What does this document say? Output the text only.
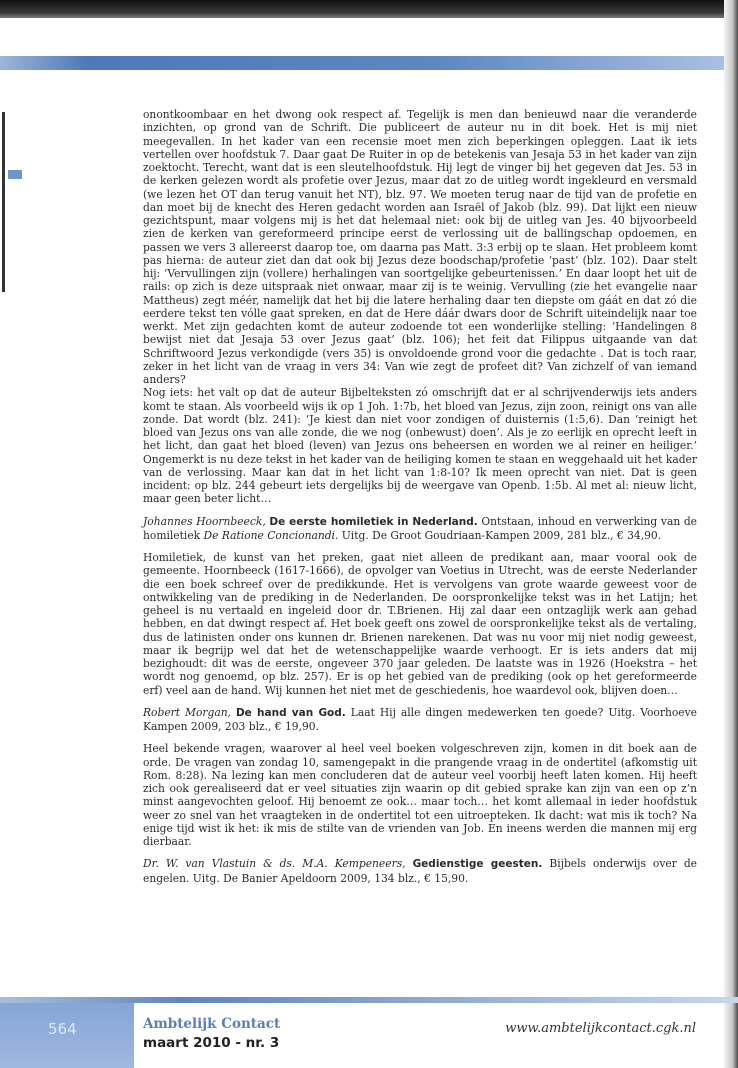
onontkoombaar en het dwong ook respect af. Tegelijk is men dan benieuwd naar die veranderde inzichten, op grond van de Schrift. Die publiceert de auteur nu in dit boek. Het is mij niet meegevallen. In het kader van een recensie moet men zich beperkingen opleggen. Laat ik iets vertellen over hoofdstuk 7. Daar gaat De Ruiter in op de betekenis van Jesaja 53 in het kader van zijn zoektocht. Terecht, want dat is een sleutelhoofdstuk. Hij legt de vinger bij het gegeven dat Jes. 53 in de kerken gelezen wordt als profetie over Jezus, maar dat zo de uitleg wordt ingekleurd en versmald (we lezen het OT dan terug vanuit het NT), blz. 97. We moeten terug naar de tijd van de profetie en dan moet bij de knecht des Heren gedacht worden aan Israël of Jakob (blz. 99). Dat lijkt een nieuw gezichtspunt, maar volgens mij is het dat helemaal niet: ook bij de uitleg van Jes. 40 bijvoorbeeld zien de kerken van gereformeerd principe eerst de verlossing uit de ballingschap opdoemen, en passen we vers 3 allereerst daarop toe, om daarna pas Matt. 3:3 erbij op te slaan. Het probleem komt pas hierna: de auteur ziet dan dat ook bij Jezus deze boodschap/profetie ‘past’ (blz. 102). Daar stelt hij: ‘Vervullingen zijn (vollere) herhalingen van soortgelijke gebeurtenissen.’ En daar loopt het uit de rails: op zich is deze uitspraak niet onwaar, maar zij is te weinig. Vervulling (zie het evangelie naar Mattheus) zegt méér, namelijk dat het bij die latere herhaling daar ten diepste om gáát en dat zó die eerdere tekst ten vólle gaat spreken, en dat de Here dáár dwars door de Schrift uiteindelijk naar toe werkt. Met zijn gedachten komt de auteur zodoende tot een wonderlijke stelling: ‘Handelingen 8 bewijst niet dat Jesaja 53 over Jezus gaat’ (blz. 106); het feit dat Filippus uitgaande van dat Schriftwoord Jezus verkondigde (vers 35) is onvoldoende grond voor die gedachte . Dat is toch raar, zeker in het licht van de vraag in vers 34: Van wie zegt de profeet dit? Van zichzelf of van iemand anders?

Nog iets: het valt op dat de auteur Bijbelteksten zó omschrijft dat er al schrijvenderwijs iets anders komt te staan. Als voorbeeld wijs ik op 1 Joh. 1:7b, het bloed van Jezus, zijn zoon, reinigt ons van alle zonde. Dat wordt (blz. 241): ‘Je kiest dan niet voor zondigen of duisternis (1:5,6). Dan ‘reinigt het bloed van Jezus ons van alle zonde, die we nog (onbewust) doen’. Als je zo eerlijk en oprecht leeft in het licht, dan gaat het bloed (leven) van Jezus ons beheersen en worden we al reiner en heiliger.’ Ongemerkt is nu deze tekst in het kader van de heiliging komen te staan en weggehaald uit het kader van de verlossing. Maar kan dat in het licht van 1:8-10? Ik meen oprecht van niet. Dat is geen incident: op blz. 244 gebeurt iets dergelijks bij de weergave van Openb. 1:5b. Al met al: nieuw licht, maar geen beter licht…

Johannes Hoornbeeck, De eerste homiletiek in Nederland. Ontstaan, inhoud en verwerking van de homiletiek De Ratione Concionandi. Uitg. De Groot Goudriaan-Kampen 2009, 281 blz., € 34,90.

Homiletiek, de kunst van het preken, gaat niet alleen de predikant aan, maar vooral ook de gemeente. Hoornbeeck (1617-1666), de opvolger van Voetius in Utrecht, was de eerste Nederlander die een boek schreef over de predikkunde. Het is vervolgens van grote waarde geweest voor de ontwikkeling van de prediking in de Nederlanden. De oorspronkelijke tekst was in het Latijn; het geheel is nu vertaald en ingeleid door dr. T.Brienen. Hij zal daar een ontzaglijk werk aan gehad hebben, en dat dwingt respect af. Het boek geeft ons zowel de oorspronkelijke tekst als de vertaling, dus de latinisten onder ons kunnen dr. Brienen narekenen. Dat was nu voor mij niet nodig geweest, maar ik begrijp wel dat het de wetenschappelijke waarde verhoogt. Er is iets anders dat mij bezighoudt: dit was de eerste, ongeveer 370 jaar geleden. De laatste was in 1926 (Hoekstra – het wordt nog genoemd, op blz. 257). Er is op het gebied van de prediking (ook op het gereformeerde erf) veel aan de hand. Wij kunnen het niet met de geschiedenis, hoe waardevol ook, blijven doen…

Robert Morgan, De hand van God. Laat Hij alle dingen medewerken ten goede? Uitg. Voorhoeve Kampen 2009, 203 blz., € 19,90.

Heel bekende vragen, waarover al heel veel boeken volgeschreven zijn, komen in dit boek aan de orde. De vragen van zondag 10, samengepakt in die prangende vraag in de ondertitel (afkomstig uit Rom. 8:28). Na lezing kan men concluderen dat de auteur veel voorbij heeft laten komen. Hij heeft zich ook gerealiseerd dat er veel situaties zijn waarin op dit gebied sprake kan zijn van een op z’n minst aangevochten geloof. Hij benoemt ze ook… maar toch… het komt allemaal in ieder hoofdstuk weer zo snel van het vraagteken in de ondertitel tot een uitroepteken. Ik dacht: wat mis ik toch? Na enige tijd wist ik het: ik mis de stilte van de vrienden van Job. En ineens werden die mannen mij erg dierbaar.

Dr. W. van Vlastuin & ds. M.A. Kempeneers, Gedienstige geesten. Bijbels onderwijs over de engelen. Uitg. De Banier Apeldoorn 2009, 134 blz., € 15,90.

564	Ambtelijk Contact
maart 2010 - nr. 3
www.ambtelijkcontact.cgk.nl
